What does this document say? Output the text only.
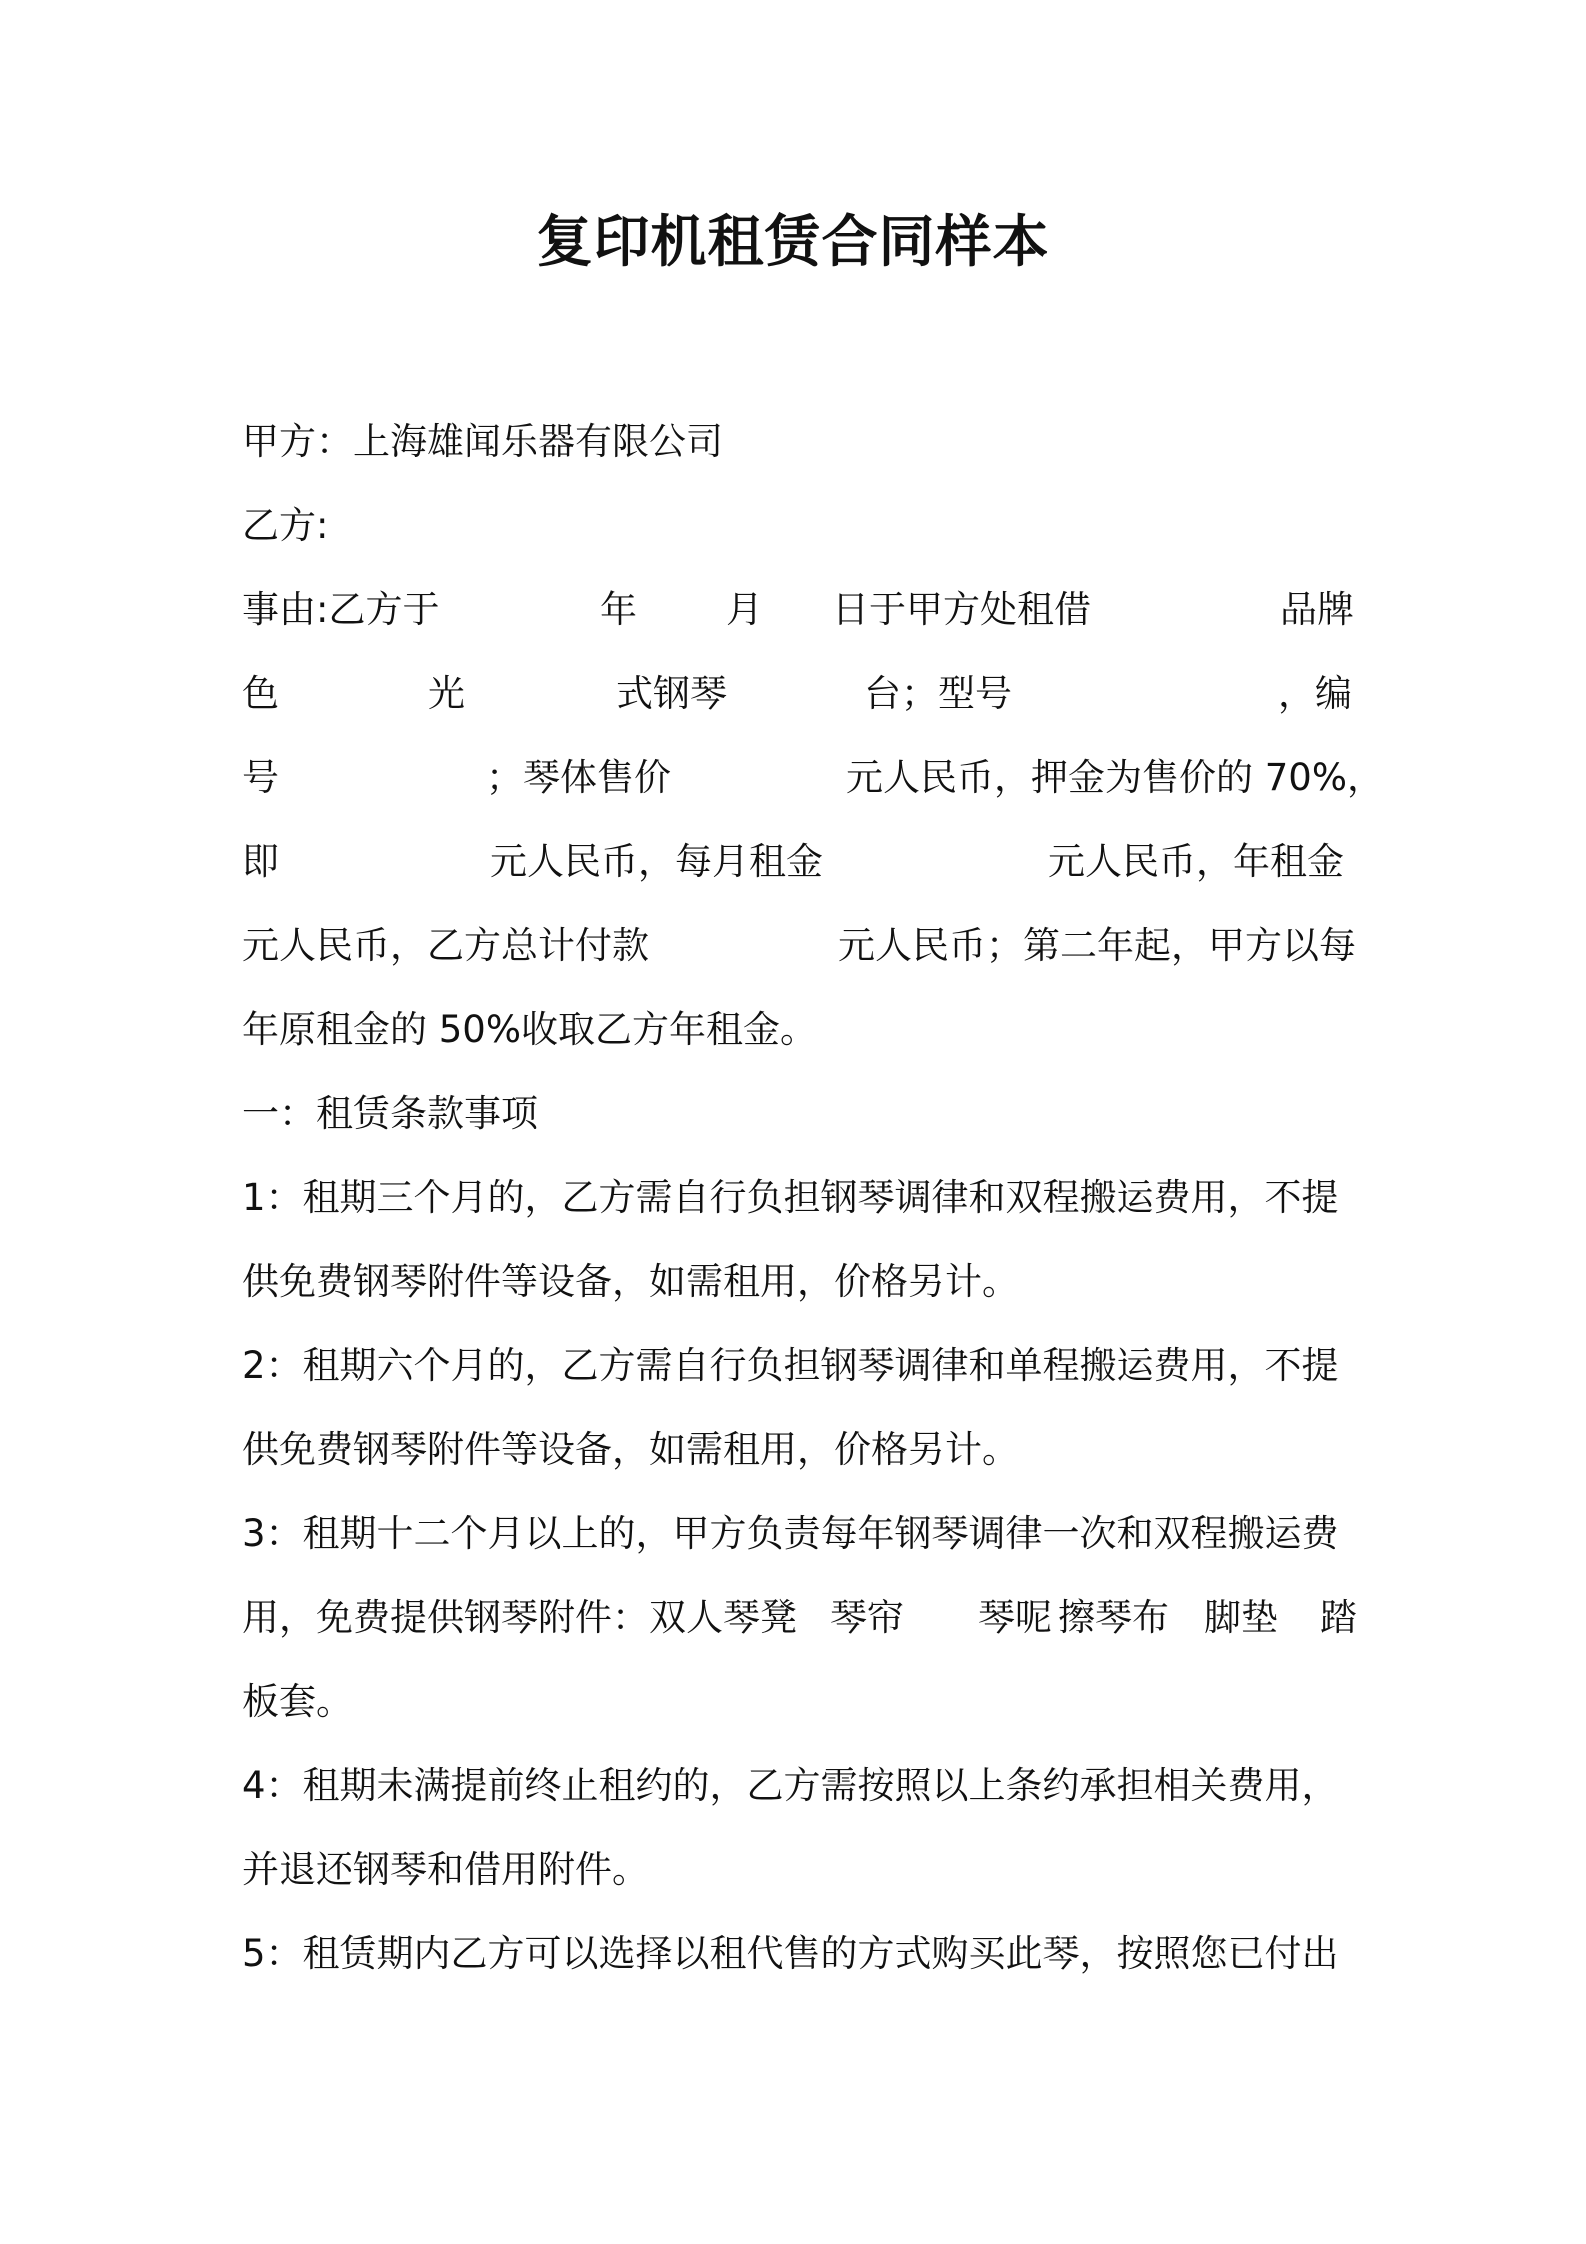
复印机租赁合同样本
甲方：上海雄闻乐器有限公司
乙方:
事由:乙方于	年 月 日于甲方处租借	品牌
色	光	式钢琴	台；型号	，编
号	；琴体售价	元人民币，押金为售价的 70%，
即	元人民币，每月租金	元人民币，年租金
元人民币，乙方总计付款	元人民币；第二年起，甲方以每
年原租金的 50%收取乙方年租金。
一：租赁条款事项
1：租期三个月的，乙方需自行负担钢琴调律和双程搬运费用，不提
供免费钢琴附件等设备，如需租用，价格另计。
2：租期六个月的，乙方需自行负担钢琴调律和单程搬运费用，不提
供免费钢琴附件等设备，如需租用，价格另计。
3：租期十二个月以上的，甲方负责每年钢琴调律一次和双程搬运费
用，免费提供钢琴附件：双人琴凳 琴帘 琴呢 擦琴布 脚垫 踏
板套。
4：租期未满提前终止租约的，乙方需按照以上条约承担相关费用，
并退还钢琴和借用附件。
5：租赁期内乙方可以选择以租代售的方式购买此琴，按照您已付出
